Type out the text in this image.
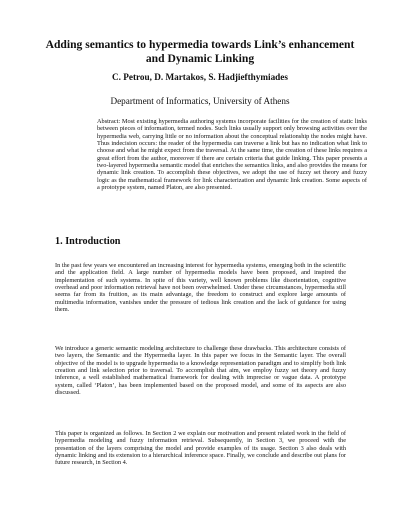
Adding semantics to hypermedia towards Link’s enhancement and Dynamic Linking
C. Petrou, D. Martakos, S. Hadjiefthymiades
Department of Informatics, University of Athens
Abstract: Most existing hypermedia authoring systems incorporate facilities for the creation of static links between pieces of information, termed nodes. Such links usually support only browsing activities over the hypermedia web, carrying little or no information about the conceptual relationship the nodes might have. Thus indecision occurs: the reader of the hypermedia can traverse a link but has no indication what link to choose and what he might expect from the traversal. At the same time, the creation of these links requires a great effort from the author, moreover if there are certain criteria that guide linking. This paper presents a two-layered hypermedia semantic model that enriches the semantics links, and also provides the means for dynamic link creation. To accomplish these objectives, we adopt the use of fuzzy set theory and fuzzy logic as the mathematical framework for link characterization and dynamic link creation. Some aspects of a prototype system, named Platon, are also presented.
1. Introduction
In the past few years we encountered an increasing interest for hypermedia systems, emerging both in the scientific and the application field. A large number of hypermedia models have been proposed, and inspired the implementation of such systems. In spite of this variety, well known problems like disorientation, cognitive overhead and poor information retrieval have not been overwhelmed. Under these circumstances, hypermedia still seems far from its fruition, as its main advantage, the freedom to construct and explore large amounts of multimedia information, vanishes under the pressure of tedious link creation and the lack of guidance for using them.
We introduce a generic semantic modeling architecture to challenge these drawbacks. This architecture consists of two layers, the Semantic and the Hypermedia layer. In this paper we focus in the Semantic layer. The overall objective of the model is to upgrade hypermedia to a knowledge representation paradigm and to simplify both link creation and link selection prior to traversal. To accomplish that aim, we employ fuzzy set theory and fuzzy inference, a well established mathematical framework for dealing with imprecise or vague data. A prototype system, called ‘Platon’, has been implemented based on the proposed model, and some of its aspects are also discussed.
This paper is organized as follows. In Section 2 we explain our motivation and present related work in the field of hypermedia modeling and fuzzy information retrieval. Subsequently, in Section 3, we proceed with the presentation of the layers comprising the model and provide examples of its usage. Section 3 also deals with dynamic linking and its extension to a hierarchical inference space. Finally, we conclude and describe out plans for future research, in Section 4.
